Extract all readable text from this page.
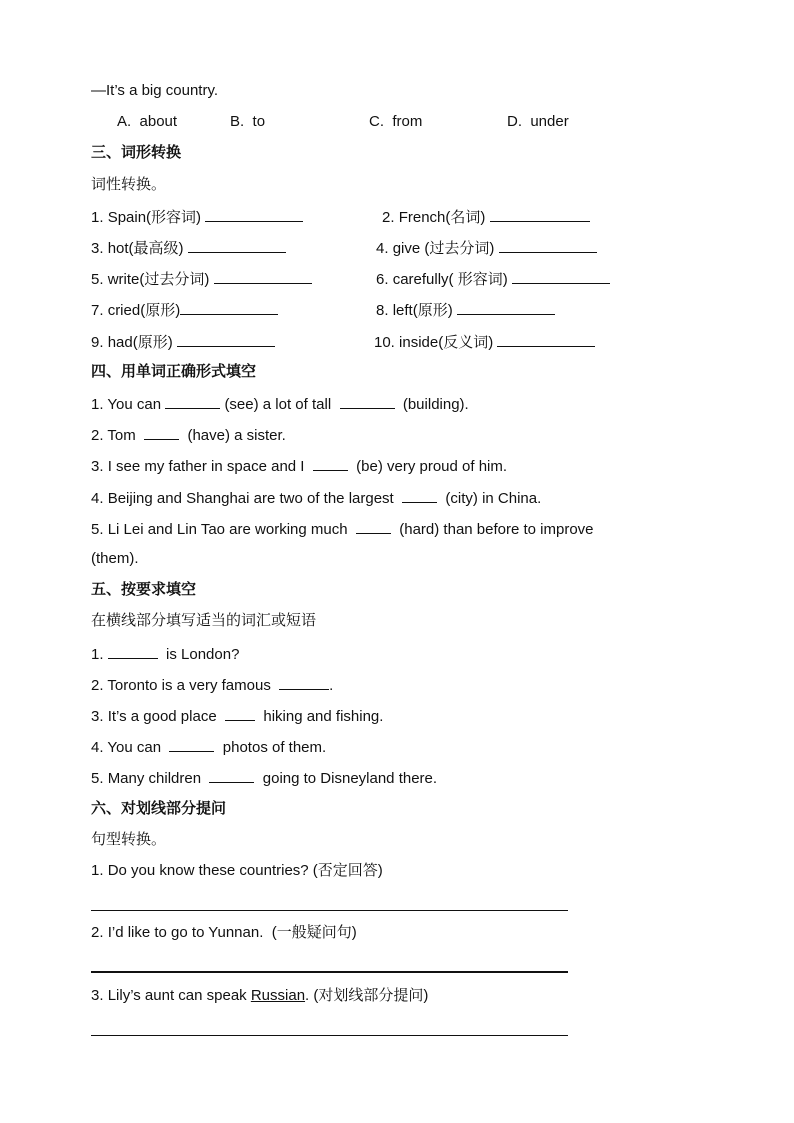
—It’s a big country.
A. about	B. to	C. from	D. under
三、词形转换
词性转换。
1. Spain(形容词)	2. French(名词)
3. hot(最高级)	4. give (过去分词)
5. write(过去分词)	6. carefully( 形容词)
7. cried(原形)	8. left(原形)
9. had(原形)	10. inside(反义词)
四、用单词正确形式填空
1. You can	(see) a lot of tall	(building).
2. Tom	(have) a sister.
3. I see my father in space and I	(be) very proud of him.
4. Beijing and Shanghai are two of the largest	(city) in China.
5. Li Lei and Lin Tao are working much	(hard) than before to improve
(them).
五、按要求填空
在横线部分填写适当的词汇或短语
1.	is London?
2. Toronto is a very famous	.
3. It’s a good place	hiking and fishing.
4. You can	photos of them.
5. Many children	going to Disneyland there.
六、对划线部分提问
句型转换。
1. Do you know these countries? (否定回答)
2. I’d like to go to Yunnan.  (一般疑问句)
3. Lily’s aunt can speak Russian. (对划线部分提问)
